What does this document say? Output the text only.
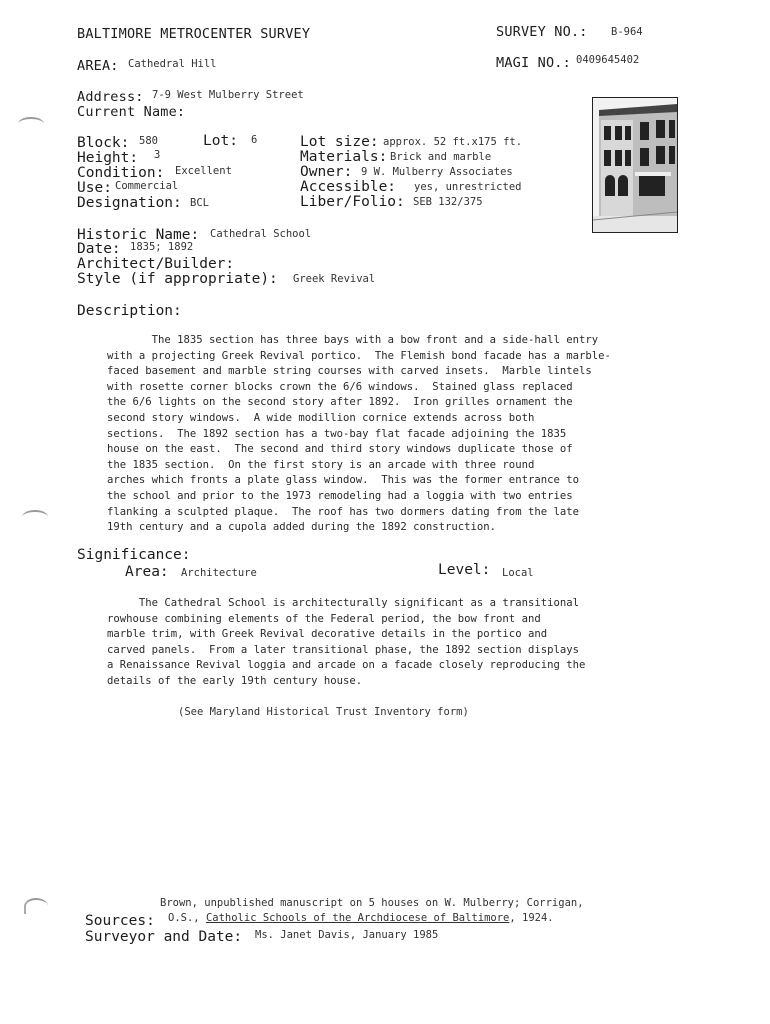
BALTIMORE METROCENTER SURVEY	SURVEY NO.: B-964
AREA: Cathedral Hill	MAGI NO.: 0409645402
Address: 7-9 West Mulberry Street
Current Name:
Block: 580	Lot: 6
Height: 3
Condition: Excellent
Use: Commercial
Designation: BCL
Lot size: approx. 52 ft.x175 ft.
Materials: Brick and marble
Owner: 9 W. Mulberry Associates
Accessible: yes, unrestricted
Liber/Folio: SEB 132/375
Historic Name: Cathedral School
Date: 1835; 1892
Architect/Builder:
Style (if appropriate): Greek Revival
Description:
The 1835 section has three bays with a bow front and a side-hall entry
with a projecting Greek Revival portico.  The Flemish bond facade has a marble-
faced basement and marble string courses with carved insets.  Marble lintels
with rosette corner blocks crown the 6/6 windows.  Stained glass replaced
the 6/6 lights on the second story after 1892.  Iron grilles ornament the
second story windows.  A wide modillion cornice extends across both
sections.  The 1892 section has a two-bay flat facade adjoining the 1835
house on the east.  The second and third story windows duplicate those of
the 1835 section.  On the first story is an arcade with three round
arches which fronts a plate glass window.  This was the former entrance to
the school and prior to the 1973 remodeling had a loggia with two entries
flanking a sculpted plaque.  The roof has two dormers dating from the late
19th century and a cupola added during the 1892 construction.
Significance:
Area: Architecture	Level: Local
The Cathedral School is architecturally significant as a transitional
rowhouse combining elements of the Federal period, the bow front and
marble trim, with Greek Revival decorative details in the portico and
carved panels.  From a later transitional phase, the 1892 section displays
a Renaissance Revival loggia and arcade on a facade closely reproducing the
details of the early 19th century house.
(See Maryland Historical Trust Inventory form)
Brown, unpublished manuscript on 5 houses on W. Mulberry; Corrigan,
Sources: O.S., Catholic Schools of the Archdiocese of Baltimore, 1924.
Surveyor and Date: Ms. Janet Davis, January 1985
